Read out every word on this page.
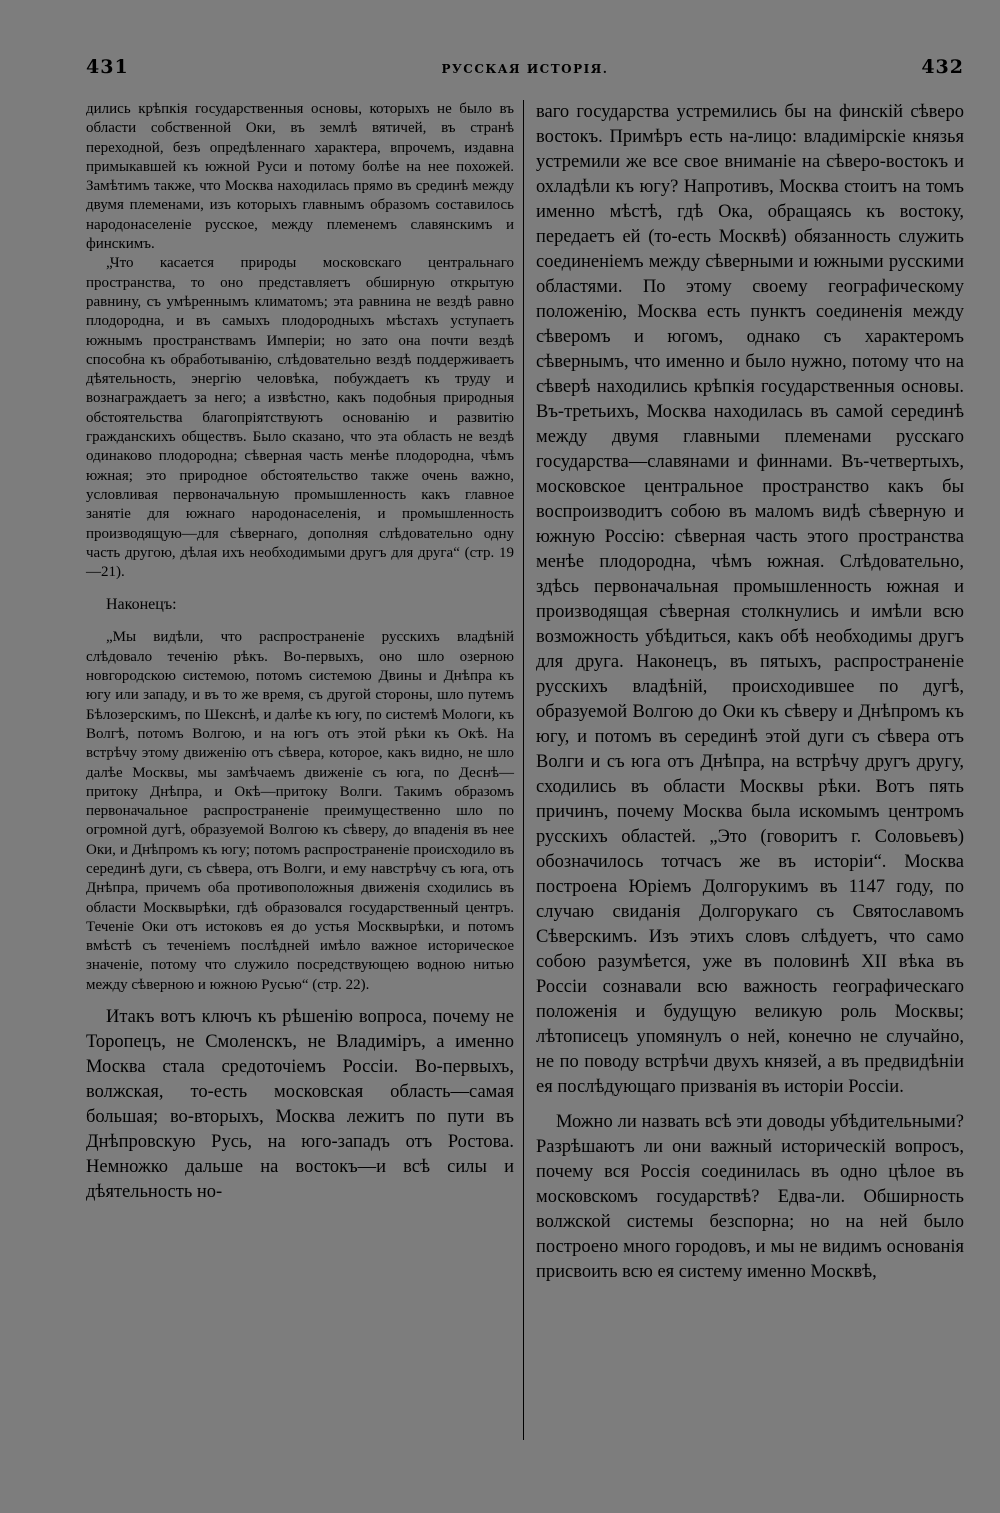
431	РУССКАЯ ИСТОРІЯ.	432

дились крѣпкія государственныя основы, которыхъ не было въ области собственной Оки, въ землѣ вятичей, въ странѣ переходной, безъ опредѣленнаго характера, впрочемъ, издавна примыкавшей къ южной Руси и потому болѣе на нее похожей. Замѣтимъ также, что Москва находилась прямо въ срединѣ между двумя племенами, изъ которыхъ главнымъ образомъ составилось народонаселеніе русское, между племенемъ славянскимъ и финскимъ.

„Что касается природы московскаго центральнаго пространства, то оно представляетъ обширную открытую равнину, съ умѣреннымъ климатомъ; эта равнина не вездѣ равно плодородна, и въ самыхъ плодородныхъ мѣстахъ уступаетъ южнымъ пространствамъ Имперіи; но зато она почти вездѣ способна къ обработыванію, слѣдовательно вездѣ поддерживаетъ дѣятельность, энергію человѣка, побуждаетъ къ труду и вознаграждаетъ за него; а извѣстно, какъ подобныя природныя обстоятельства благопріятствуютъ основанію и развитію гражданскихъ обществъ. Было сказано, что эта область не вездѣ одинаково плодородна; сѣверная часть менѣе плодородна, чѣмъ южная; это природное обстоятельство также очень важно, условливая первоначальную промышленность какъ главное занятіе для южнаго народонаселенія, и промышленность производящую—для сѣвернаго, дополняя слѣдовательно одну часть другою, дѣлая ихъ необходимыми другъ для друга“ (стр. 19—21).

Наконецъ:

„Мы видѣли, что распространеніе русскихъ владѣній слѣдовало теченію рѣкъ. Во-первыхъ, оно шло озерною новгородскою системою, потомъ системою Двины и Днѣпра къ югу или западу, и въ то же время, съ другой стороны, шло путемъ Бѣлозерскимъ, по Шекснѣ, и далѣе къ югу, по системѣ Мологи, къ Волгѣ, потомъ Волгою, и на югъ отъ этой рѣки къ Окѣ. На встрѣчу этому движенію отъ сѣвера, которое, какъ видно, не шло далѣе Москвы, мы замѣчаемъ движеніе съ юга, по Деснѣ—притоку Днѣпра, и Окѣ—притоку Волги. Такимъ образомъ первоначальное распространеніе преимущественно шло по огромной дугѣ, образуемой Волгою къ сѣверу, до впаденія въ нее Оки, и Днѣпромъ къ югу; потомъ распространеніе происходило въ серединѣ дуги, съ сѣвера, отъ Волги, и ему навстрѣчу съ юга, отъ Днѣпра, причемъ оба противоположныя движенія сходились въ области Москвырѣки, гдѣ образовался государственный центръ. Теченіе Оки отъ истоковъ ея до устья Москвырѣки, и потомъ вмѣстѣ съ теченіемъ послѣдней имѣло важное историческое значеніе, потому что служило посредствующею водною нитью между сѣверною и южною Русью“ (стр. 22).

Итакъ вотъ ключъ къ рѣшенію вопроса, почему не Торопецъ, не Смоленскъ, не Владиміръ, а именно Москва стала средоточіемъ Россіи. Во-первыхъ, волжская, то-есть московская область—самая большая; во-вторыхъ, Москва лежитъ по пути въ Днѣпровскую Русь, на юго-западъ отъ Ростова. Немножко дальше на востокъ—и всѣ силы и дѣятельность но-

ваго государства устремились бы на финскій сѣверо востокъ. Примѣръ есть на-лицо: владимірскіе князья устремили же все свое вниманіе на сѣверо-востокъ и охладѣли къ югу? Напротивъ, Москва стоитъ на томъ именно мѣстѣ, гдѣ Ока, обращаясь къ востоку, передаетъ ей (то-есть Москвѣ) обязанность служить соединеніемъ между сѣверными и южными русскими областями. По этому своему географическому положенію, Москва есть пунктъ соединенія между сѣверомъ и югомъ, однако съ характеромъ сѣвернымъ, что именно и было нужно, потому что на сѣверѣ находились крѣпкія государственныя основы. Въ-третьихъ, Москва находилась въ самой серединѣ между двумя главными племенами русскаго государства—славянами и финнами. Въ-четвертыхъ, московское центральное пространство какъ бы воспроизводитъ собою въ маломъ видѣ сѣверную и южную Россію: сѣверная часть этого пространства менѣе плодородна, чѣмъ южная. Слѣдовательно, здѣсь первоначальная промышленность южная и производящая сѣверная столкнулись и имѣли всю возможность убѣдиться, какъ обѣ необходимы другъ для друга. Наконецъ, въ пятыхъ, распространеніе русскихъ владѣній, происходившее по дугѣ, образуемой Волгою до Оки къ сѣверу и Днѣпромъ къ югу, и потомъ въ серединѣ этой дуги съ сѣвера отъ Волги и съ юга отъ Днѣпра, на встрѣчу другъ другу, сходились въ области Москвы рѣки. Вотъ пять причинъ, почему Москва была искомымъ центромъ русскихъ областей. „Это (говоритъ г. Соловьевъ) обозначилось тотчасъ же въ исторіи“. Москва построена Юріемъ Долгорукимъ въ 1147 году, по случаю свиданія Долгорукаго съ Святославомъ Сѣверскимъ. Изъ этихъ словъ слѣдуетъ, что само собою разумѣется, уже въ половинѣ XII вѣка въ Россіи сознавали всю важность географическаго положенія и будущую великую роль Москвы; лѣтописецъ упомянулъ о ней, конечно не случайно, не по поводу встрѣчи двухъ князей, а въ предвидѣніи ея послѣдующаго призванія въ исторіи Россіи.

Можно ли назвать всѣ эти доводы убѣдительными? Разрѣшаютъ ли они важный историческій вопросъ, почему вся Россія соединилась въ одно цѣлое въ московскомъ государствѣ? Едва-ли. Обширность волжской системы безспорна; но на ней было построено много городовъ, и мы не видимъ основанія присвоить всю ея систему именно Москвѣ,
